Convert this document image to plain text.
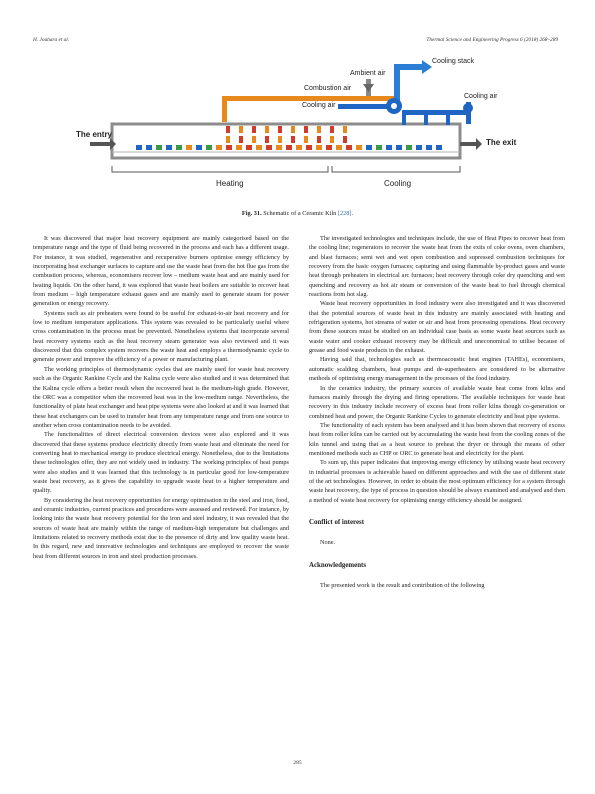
H. Jouhara et al.	Thermal Science and Engineering Progress 6 (2018) 268–289
Cooling stack
Ambient air
Combustion air
Cooling air
Cooling air
The entry
The exit
Heating	Cooling
Fig. 31. Schematic of a Ceramic Kiln [228].

It was discovered that major heat recovery equipment are mainly categorised based on the temperature range and the type of fluid being recovered in the process and each has a different usage. For instance, it was studied, regenerative and recuperative burners optimise energy efficiency by incorporating heat exchanger surfaces to capture and use the waste heat from the hot flue gas from the combustion process, whereas, economisers recover low – medium waste heat and are mainly used for heating liquids. On the other hand, it was explored that waste heat boilers are suitable to recover heat from medium – high temperature exhaust gases and are mainly used to generate steam for power generation or energy recovery.

Systems such as air preheaters were found to be useful for exhaust-to-air heat recovery and for low to medium temperature applications. This system was revealed to be particularly useful where cross contamination in the process must be prevented. Nonetheless systems that incorporate several heat recovery systems such as the heat recovery steam generator was also reviewed and it was discovered that this complex system recovers the waste heat and employs a thermodynamic cycle to generate power and improve the efficiency of a power or manufacturing plant.

The working principles of thermodynamic cycles that are mainly used for waste heat recovery such as the Organic Rankine Cycle and the Kalina cycle were also studied and it was determined that the Kalina cycle offers a better result when the recovered heat is the medium-high grade. However, the ORC was a competitor when the recovered heat was in the low-medium range. Nevertheless, the functionality of plate heat exchanger and heat pipe systems were also looked at and it was learned that these heat exchangers can be used to transfer heat from any temperature range and from one source to another when cross contamination needs to be avoided.

The functionalities of direct electrical conversion devices were also explored and it was discovered that these systems produce electricity directly from waste heat and eliminate the need for converting heat to mechanical energy to produce electrical energy. Nonetheless, due to the limitations these technologies offer, they are not widely used in industry. The working principles of heat pumps were also studies and it was learned that this technology is in particular good for low-temperature waste heat recovery, as it gives the capability to upgrade waste heat to a higher temperature and quality.

By considering the heat recovery opportunities for energy optimisation in the steel and iron, food, and ceramic industries, current practices and procedures were assessed and reviewed. For instance, by looking into the waste heat recovery potential for the iron and steel industry, it was revealed that the sources of waste heat are mainly within the range of medium-high temperature but challenges and limitations related to recovery methods exist due to the presence of dirty and low quality waste heat. In this regard, new and innovative technologies and techniques are employed to recover the waste heat from different sources in iron and steel production processes.

The investigated technologies and techniques include, the use of Heat Pipes to recover heat from the cooling line; regenerators to recover the waste heat from the exits of coke ovens, oven chambers, and blast furnaces; semi wet and wet open combustion and supressed combustion techniques for recovery from the basic oxygen furnaces; capturing and using flammable by-product gases and waste heat through preheaters in electrical arc furnaces; heat recovery through coke dry quenching and wet quenching and recovery as hot air steam or conversion of the waste heat to fuel through chemical reactions from hot slag.

Waste heat recovery opportunities in food industry were also investigated and it was discovered that the potential sources of waste heat in this industry are mainly associated with heating and refrigeration systems, hot streams of water or air and heat from processing operations. Heat recovery from these sources must be studied on an individual case basis as some waste heat sources such as waste water and cooker exhaust recovery may be difficult and uneconomical to utilise because of grease and food waste products in the exhaust.

Having said that, technologies such as thermoacoustic heat engines (TAHEs), economisers, automatic scalding chambers, heat pumps and de-superheaters are considered to be alternative methods of optimising energy management in the processes of the food industry.

In the ceramics industry, the primary sources of available waste heat come from kilns and furnaces mainly through the drying and firing operations. The available techniques for waste heat recovery in this industry include recovery of excess heat from roller kilns though co-generation or combined heat and power, the Organic Rankine Cycles to generate electricity and heat pipe systems.

The functionality of each system has been analysed and it has been shown that recovery of excess heat from roller kilns can be carried out by accumulating the waste heat from the cooling zones of the kiln tunnel and using that as a heat source to preheat the dryer or through the means of other mentioned methods such as CHP or ORC to generate heat and electricity for the plant.

To sum up, this paper indicates that improving energy efficiency by utilising waste heat recovery in industrial processes is achievable based on different approaches and with the use of different state of the art technologies. However, in order to obtain the most optimum efficiency for a system through waste heat recovery, the type of process in question should be always examined and analysed and then a method of waste heat recovery for optimising energy efficiency should be assigned.

Conflict of interest

None.

Acknowledgements

The presented work is the result and contribution of the following

285
